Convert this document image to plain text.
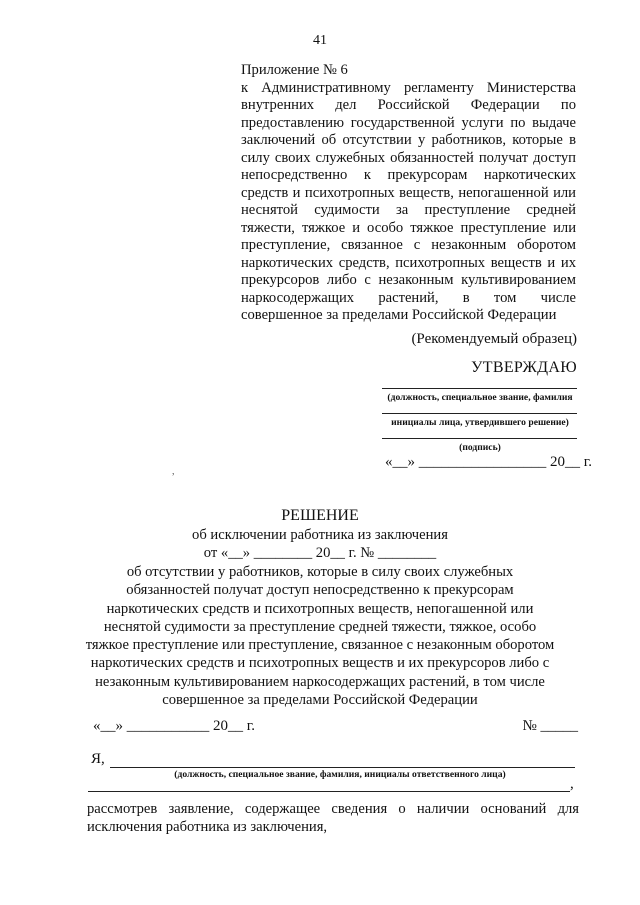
41
Приложение № 6
к Административному регламенту Министерства
внутренних дел Российской Федерации по
предоставлению государственной услуги по выдаче
заключений об отсутствии у работников, которые в
силу своих служебных обязанностей получат доступ
непосредственно к прекурсорам наркотических
средств и психотропных веществ, непогашенной или
неснятой судимости за преступление средней
тяжести, тяжкое и особо тяжкое преступление или
преступление, связанное с незаконным оборотом
наркотических средств, психотропных веществ и их
прекурсоров либо с незаконным культивированием
наркосодержащих растений, в том числе
совершенное за пределами Российской Федерации
(Рекомендуемый образец)
УТВЕРЖДАЮ
(должность, специальное звание, фамилия
инициалы лица, утвердившего решение)
(подпись)
«__» _________________ 20__ г.
,
РЕШЕНИЕ
об исключении работника из заключения
от «__» ________ 20__ г. № ________
об отсутствии у работников, которые в силу своих служебных
обязанностей получат доступ непосредственно к прекурсорам
наркотических средств и психотропных веществ, непогашенной или
неснятой судимости за преступление средней тяжести, тяжкое, особо
тяжкое преступление или преступление, связанное с незаконным оборотом
наркотических средств и психотропных веществ и их прекурсоров либо с
незаконным культивированием наркосодержащих растений, в том числе
совершенное за пределами Российской Федерации
«__» ___________ 20__ г.	№ _____
Я,
(должность, специальное звание, фамилия, инициалы ответственного лица)
,
рассмотрев заявление, содержащее сведения о наличии оснований для
исключения работника из заключения,
